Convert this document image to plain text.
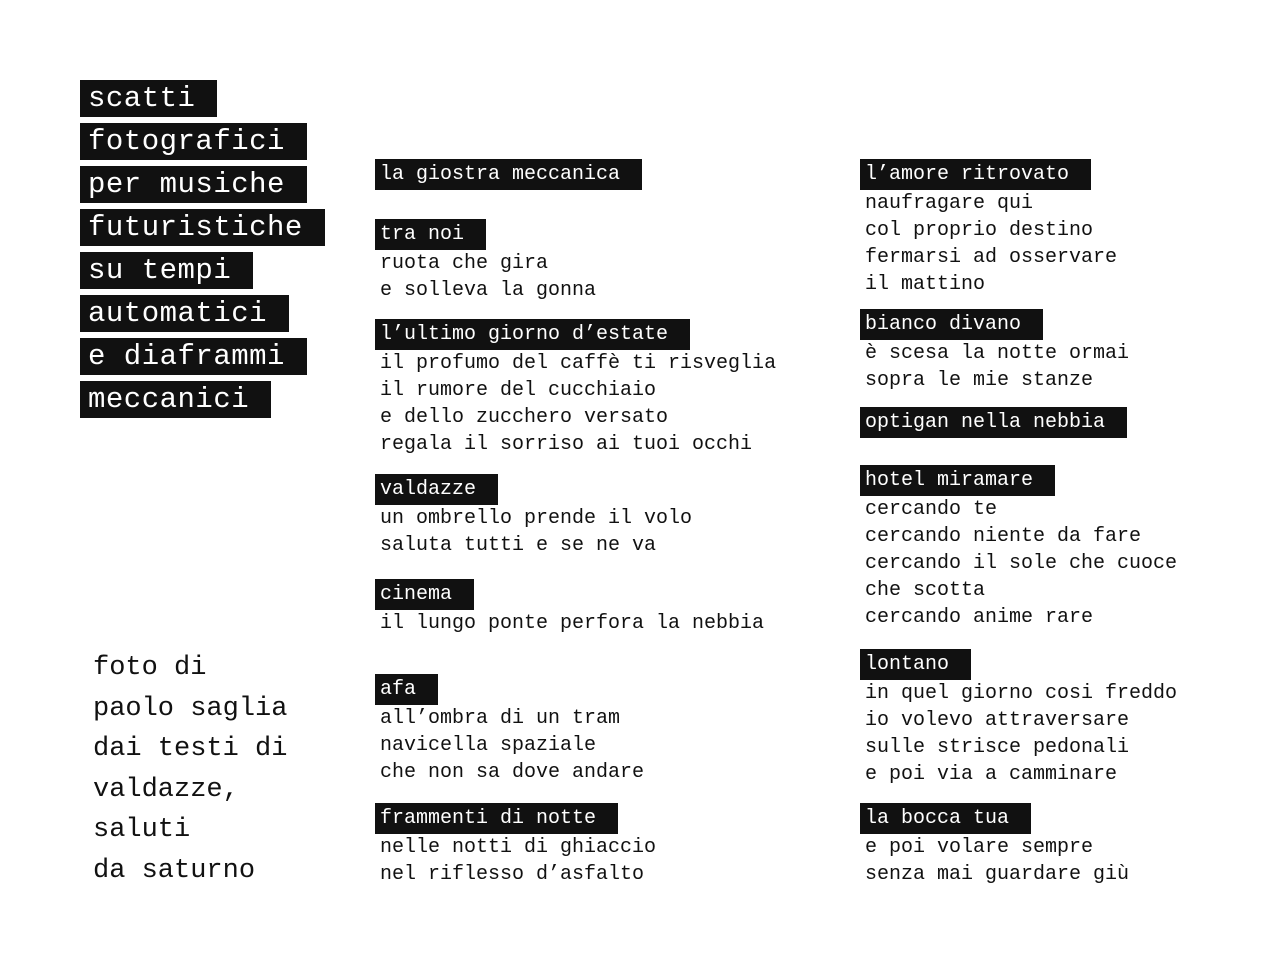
scatti
fotografici
per musiche
futuristiche
su tempi
automatici
e diaframmi
meccanici
foto di
paolo saglia
dai testi di
valdazze,
saluti
da saturno
la giostra meccanica
tra noi
ruota che gira
e solleva la gonna
l’ultimo giorno d’estate
il profumo del caffè ti risveglia
il rumore del cucchiaio
e dello zucchero versato
regala il sorriso ai tuoi occhi
valdazze
un ombrello prende il volo
saluta tutti e se ne va
cinema
il lungo ponte perfora la nebbia
afa
all’ombra di un tram
navicella spaziale
che non sa dove andare
frammenti di notte
nelle notti di ghiaccio
nel riflesso d’asfalto
l’amore ritrovato
naufragare qui
col proprio destino
fermarsi ad osservare
il mattino
bianco divano
è scesa la notte ormai
sopra le mie stanze
optigan nella nebbia
hotel miramare
cercando te
cercando niente da fare
cercando il sole che cuoce
che scotta
cercando anime rare
lontano
in quel giorno cosi freddo
io volevo attraversare
sulle strisce pedonali
e poi via a camminare
la bocca tua
e poi volare sempre
senza mai guardare giù
